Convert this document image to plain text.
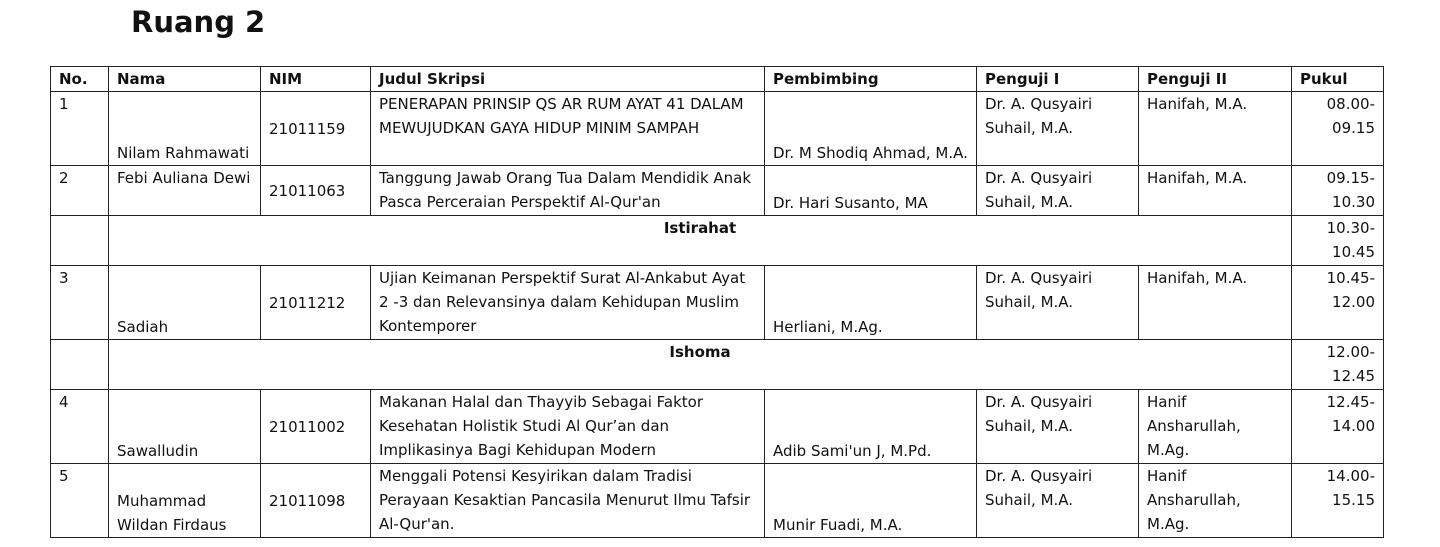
Ruang 2
No.	Nama	NIM	Judul Skripsi	Pembimbing	Penguji I	Penguji II	Pukul
1	Nilam Rahmawati	21011159	PENERAPAN PRINSIP QS AR RUM AYAT 41 DALAM MEWUJUDKAN GAYA HIDUP MINIM SAMPAH	Dr. M Shodiq Ahmad, M.A.	Dr. A. Qusyairi Suhail, M.A.	Hanifah, M.A.	08.00-09.15
2	Febi Auliana Dewi	21011063	Tanggung Jawab Orang Tua Dalam Mendidik Anak Pasca Perceraian Perspektif Al-Qur'an	Dr. Hari Susanto, MA	Dr. A. Qusyairi Suhail, M.A.	Hanifah, M.A.	09.15-10.30
	Istirahat						10.30-10.45
3	Sadiah	21011212	Ujian Keimanan Perspektif Surat Al-Ankabut Ayat 2 -3 dan Relevansinya dalam Kehidupan Muslim Kontemporer	Herliani, M.Ag.	Dr. A. Qusyairi Suhail, M.A.	Hanifah, M.A.	10.45-12.00
	Ishoma						12.00-12.45
4	Sawalludin	21011002	Makanan Halal dan Thayyib Sebagai Faktor Kesehatan Holistik Studi Al Qur’an dan Implikasinya Bagi Kehidupan Modern	Adib Sami'un J, M.Pd.	Dr. A. Qusyairi Suhail, M.A.	Hanif Ansharullah, M.Ag.	12.45-14.00
5	Muhammad Wildan Firdaus	21011098	Menggali Potensi Kesyirikan dalam Tradisi Perayaan Kesaktian Pancasila Menurut Ilmu Tafsir Al-Qur'an.	Munir Fuadi, M.A.	Dr. A. Qusyairi Suhail, M.A.	Hanif Ansharullah, M.Ag.	14.00-15.15
